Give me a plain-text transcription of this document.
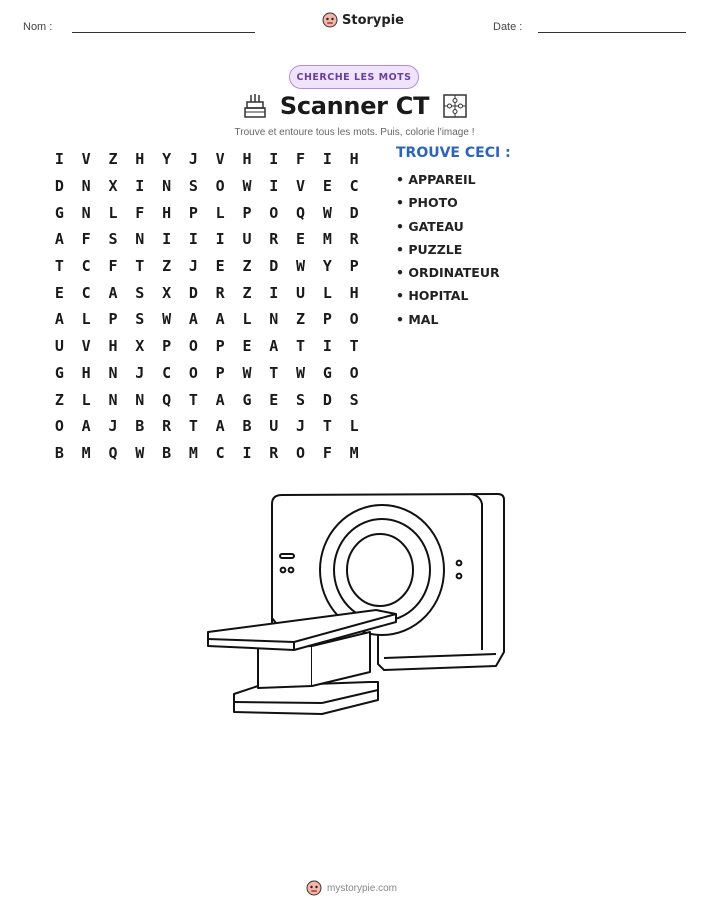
Nom :	Storypie	Date :
CHERCHE LES MOTS
Scanner CT
Trouve et entoure tous les mots. Puis, colorie l'image !
I	V	Z	H	Y	J	V	H	I	F	I	H
D	N	X	I	N	S	O	W	I	V	E	C
G	N	L	F	H	P	L	P	O	Q	W	D
A	F	S	N	I	I	I	U	R	E	M	R
T	C	F	T	Z	J	E	Z	D	W	Y	P
E	C	A	S	X	D	R	Z	I	U	L	H
A	L	P	S	W	A	A	L	N	Z	P	O
U	V	H	X	P	O	P	E	A	T	I	T
G	H	N	J	C	O	P	W	T	W	G	O
Z	L	N	N	Q	T	A	G	E	S	D	S
O	A	J	B	R	T	A	B	U	J	T	L
B	M	Q	W	B	M	C	I	R	O	F	M
TROUVE CECI :
• APPAREIL
• PHOTO
• GATEAU
• PUZZLE
• ORDINATEUR
• HOPITAL
• MAL
mystorypie.com
